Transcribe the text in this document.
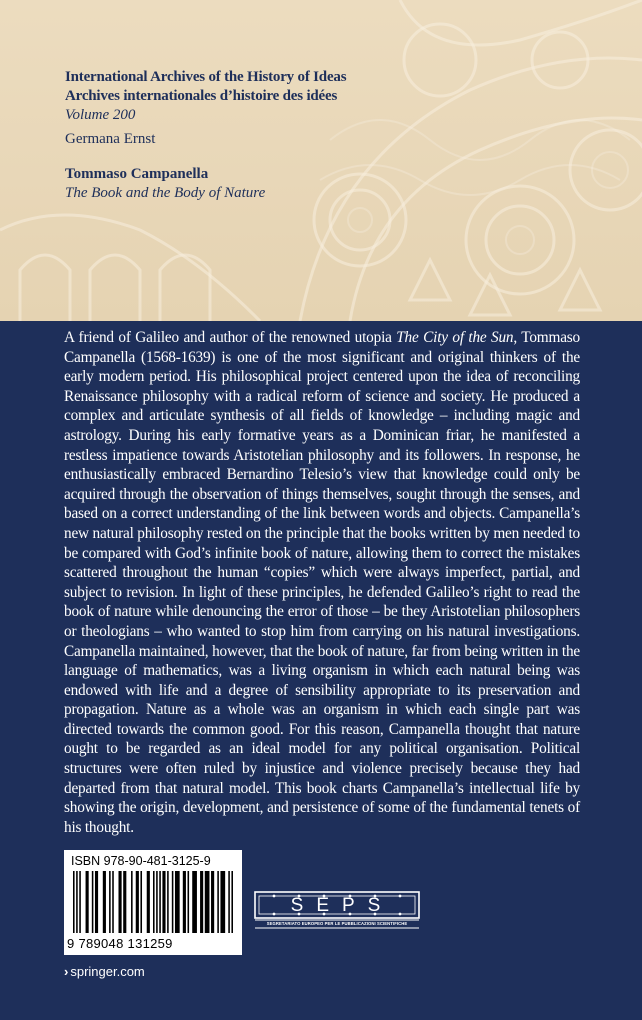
International Archives of the History of Ideas
Archives internationales d’histoire des idées
Volume 200
Germana Ernst
Tommaso Campanella
The Book and the Body of Nature

A friend of Galileo and author of the renowned utopia The City of the Sun, Tommaso Campanella (1568-1639) is one of the most significant and original thinkers of the early modern period. His philosophical project centered upon the idea of reconciling Renaissance philosophy with a radical reform of science and society. He produced a complex and articulate synthesis of all fields of knowledge – including magic and astrology. During his early formative years as a Dominican friar, he manifested a restless impatience towards Aristotelian philosophy and its followers. In response, he enthusiastically embraced Bernardino Telesio’s view that knowledge could only be acquired through the observation of things themselves, sought through the senses, and based on a correct understanding of the link between words and objects. Campanella’s new natural philosophy rested on the principle that the books written by men needed to be compared with God’s infinite book of nature, allowing them to correct the mistakes scattered throughout the human “copies” which were always imperfect, partial, and subject to revision. In light of these principles, he defended Galileo’s right to read the book of nature while denouncing the error of those – be they Aristotelian philosophers or theologians – who wanted to stop him from carrying on his natural investigations. Campanella maintained, however, that the book of nature, far from being written in the language of mathematics, was a living organism in which each natural being was endowed with life and a degree of sensibility appropriate to its preservation and propagation. Nature as a whole was an organism in which each single part was directed towards the common good. For this reason, Campanella thought that nature ought to be regarded as an ideal model for any political organisation. Political structures were often ruled by injustice and violence precisely because they had departed from that natural model. This book charts Campanella’s intellectual life by showing the origin, development, and persistence of some of the fundamental tenets of his thought.

ISBN 978-90-481-3125-9
9 789048 131259
SEPS
SEGRETARIATO EUROPEO PER LE PUBBLICAZIONI SCIENTIFICHE
› springer.com
